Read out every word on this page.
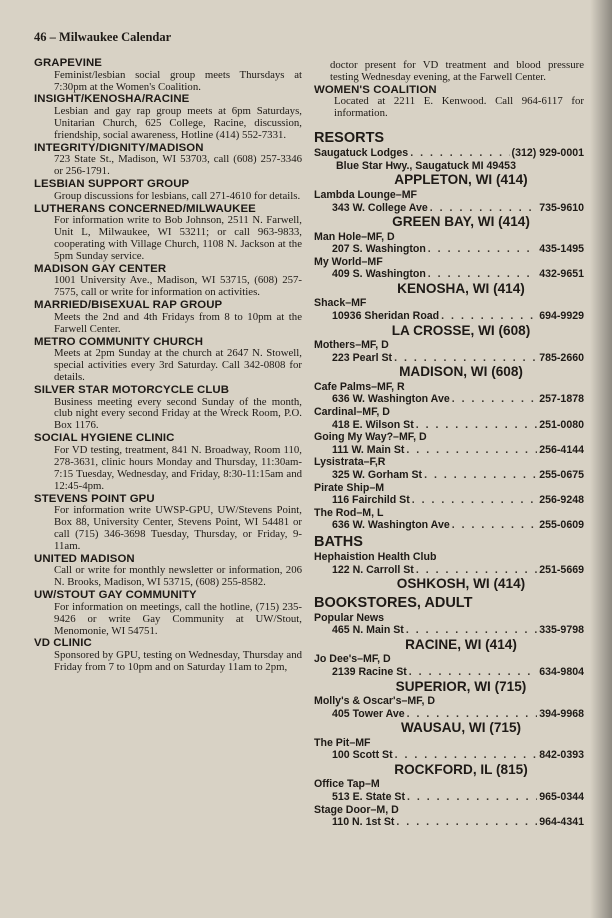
46 – Milwaukee Calendar
GRAPEVINE
Feminist/lesbian social group meets Thursdays at 7:30pm at the Women's Coalition.
INSIGHT/KENOSHA/RACINE
Lesbian and gay rap group meets at 6pm Saturdays, Unitarian Church, 625 College, Racine, discussion, friendship, social awareness, Hotline (414) 552-7331.
INTEGRITY/DIGNITY/MADISON
723 State St., Madison, WI 53703, call (608) 257-3346 or 256-1791.
LESBIAN SUPPORT GROUP
Group discussions for lesbians, call 271-4610 for details.
LUTHERANS CONCERNED/MILWAUKEE
For information write to Bob Johnson, 2511 N. Farwell, Unit L, Milwaukee, WI 53211; or call 963-9833, cooperating with Village Church, 1108 N. Jackson at the 5pm Sunday service.
MADISON GAY CENTER
1001 University Ave., Madison, WI 53715, (608) 257-7575, call or write for information on activities.
MARRIED/BISEXUAL RAP GROUP
Meets the 2nd and 4th Fridays from 8 to 10pm at the Farwell Center.
METRO COMMUNITY CHURCH
Meets at 2pm Sunday at the church at 2647 N. Stowell, special activities every 3rd Saturday. Call 342-0808 for details.
SILVER STAR MOTORCYCLE CLUB
Business meeting every second Sunday of the month, club night every second Friday at the Wreck Room, P.O. Box 1176.
SOCIAL HYGIENE CLINIC
For VD testing, treatment, 841 N. Broadway, Room 110, 278-3631, clinic hours Monday and Thursday, 11:30am-7:15 Tuesday, Wednesday, and Friday, 8:30-11:15am and 12:45-4pm.
STEVENS POINT GPU
For information write UWSP-GPU, UW/Stevens Point, Box 88, University Center, Stevens Point, WI 54481 or call (715) 346-3698 Tuesday, Thursday, or Friday, 9-11am.
UNITED MADISON
Call or write for monthly newsletter or information, 206 N. Brooks, Madison, WI 53715, (608) 255-8582.
UW/STOUT GAY COMMUNITY
For information on meetings, call the hotline, (715) 235-9426 or write Gay Community at UW/Stout, Menomonie, WI 54751.
VD CLINIC
Sponsored by GPU, testing on Wednesday, Thursday and Friday from 7 to 10pm and on Saturday 11am to 2pm,
doctor present for VD treatment and blood pressure testing Wednesday evening, at the Farwell Center.
WOMEN'S COALITION
Located at 2211 E. Kenwood. Call 964-6117 for information.
RESORTS
Saugatuck Lodges . . .	(312) 929-0001
Blue Star Hwy., Saugatuck MI 49453
APPLETON, WI (414)
Lambda Lounge–MF
343 W. College Ave . . .	735-9610
GREEN BAY, WI (414)
Man Hole–MF, D
207 S. Washington . . .	435-1495
My World–MF
409 S. Washington . . .	432-9651
KENOSHA, WI (414)
Shack–MF
10936 Sheridan Road . . .	694-9929
LA CROSSE, WI (608)
Mothers–MF, D
223 Pearl St . . .	785-2660
MADISON, WI (608)
Cafe Palms–MF, R
636 W. Washington Ave . . .	257-1878
Cardinal–MF, D
418 E. Wilson St . . .	251-0080
Going My Way?–MF, D
111 W. Main St . . .	256-4144
Lysistrata–F,R
325 W. Gorham St . . .	255-0675
Pirate Ship–M
116 Fairchild St . . .	256-9248
The Rod–M, L
636 W. Washington Ave . . .	255-0609
BATHS
Hephaistion Health Club
122 N. Carroll St . . .	251-5669
OSHKOSH, WI (414)
BOOKSTORES, ADULT
Popular News
465 N. Main St . . .	335-9798
RACINE, WI (414)
Jo Dee's–MF, D
2139 Racine St . . .	634-9804
SUPERIOR, WI (715)
Molly's & Oscar's–MF, D
405 Tower Ave . . .	394-9968
WAUSAU, WI (715)
The Pit–MF
100 Scott St . . .	842-0393
ROCKFORD, IL (815)
Office Tap–M
513 E. State St . . .	965-0344
Stage Door–M, D
110 N. 1st St . . .	964-4341
